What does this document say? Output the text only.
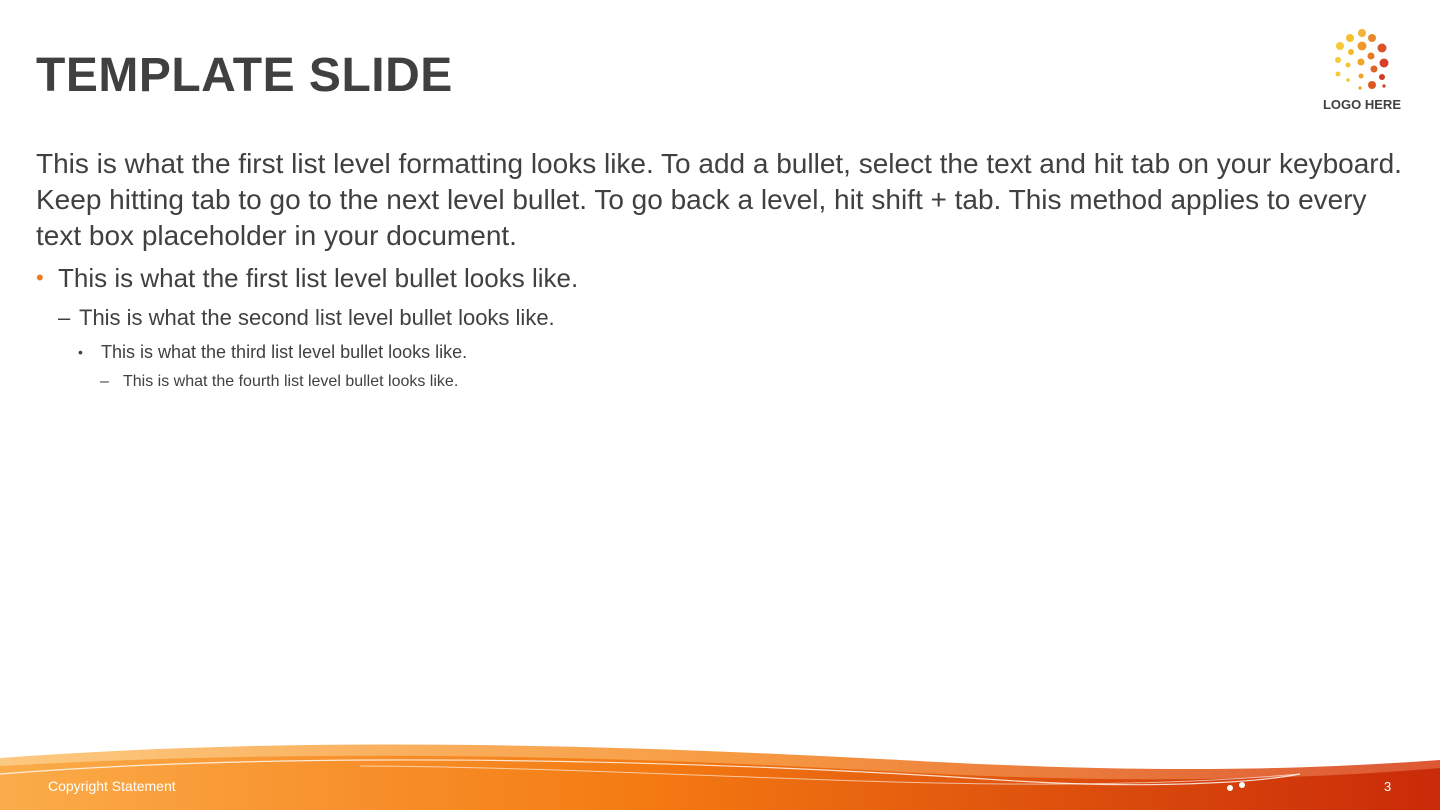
TEMPLATE SLIDE
LOGO HERE

This is what the first list level formatting looks like. To add a bullet, select the text and hit tab on your keyboard. Keep hitting tab to go to the next level bullet. To go back a level, hit shift + tab. This method applies to every text box placeholder in your document.

• This is what the first list level bullet looks like.
– This is what the second list level bullet looks like.
• This is what the third list level bullet looks like.
– This is what the fourth list level bullet looks like.
Copyright Statement	3
